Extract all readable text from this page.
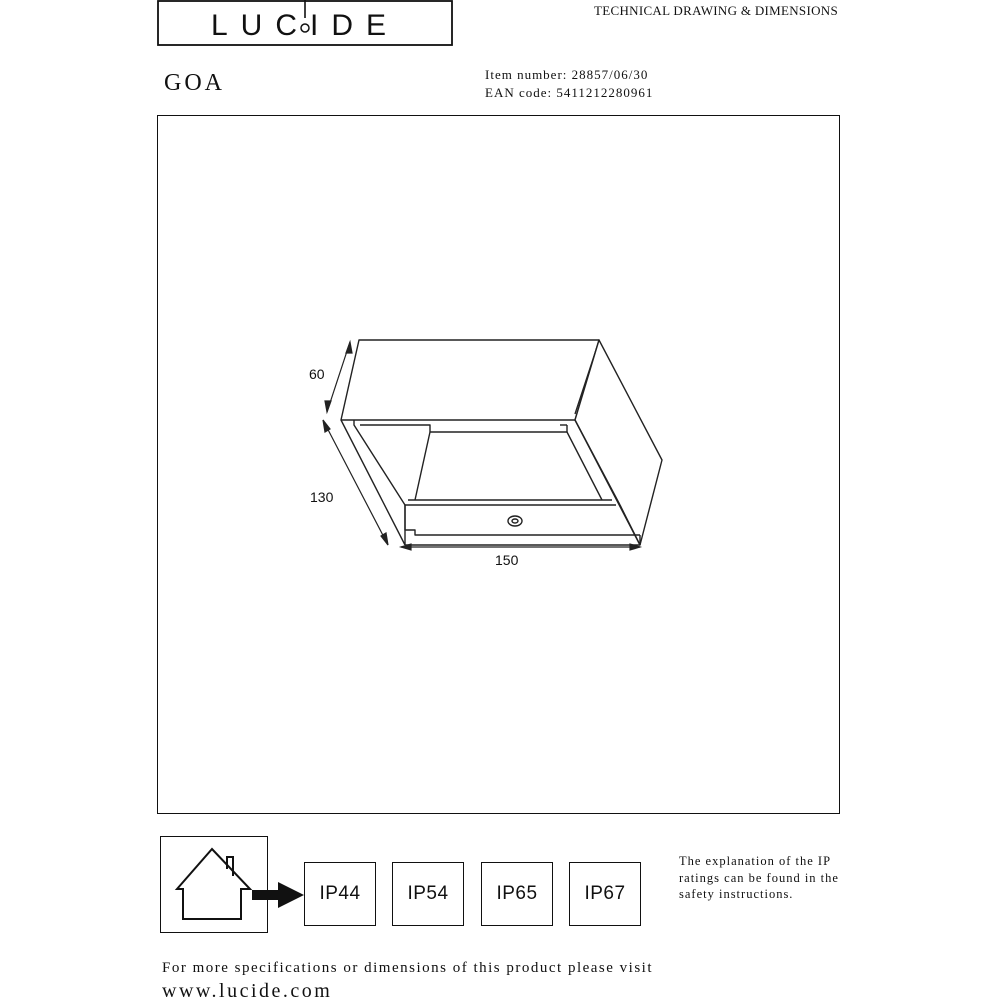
LUCIDE	TECHNICAL DRAWING & DIMENSIONS
GOA	Item number: 28857/06/30
EAN code: 5411212280961
60
130
150
IP44	IP54	IP65	IP67
The explanation of the IP ratings can be found in the safety instructions.
For more specifications or dimensions of this product please visit
www.lucide.com
